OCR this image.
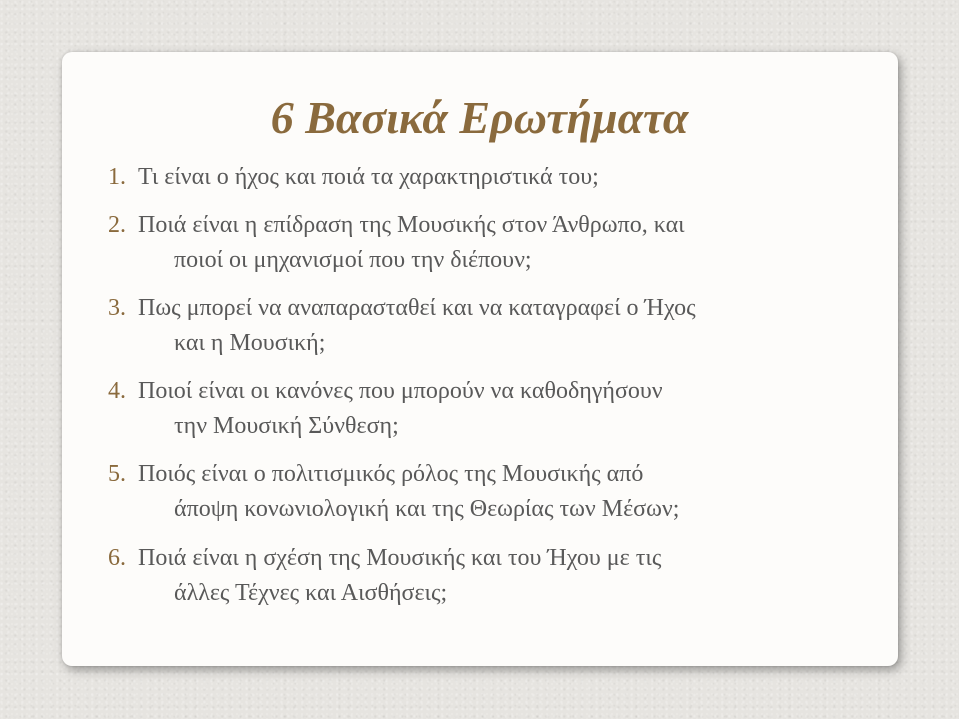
6 Βασικά Ερωτήματα
1. Τι είναι ο ήχος και ποιά τα χαρακτηριστικά του;
2. Ποιά είναι η επίδραση της Μουσικής στον Άνθρωπο, και
ποιοί οι μηχανισμοί που την διέπουν;
3. Πως μπορεί να αναπαρασταθεί και να καταγραφεί ο Ήχος
και η Μουσική;
4. Ποιοί είναι οι κανόνες που μπορούν να καθοδηγήσουν
την Μουσική Σύνθεση;
5. Ποιός είναι ο πολιτισμικός ρόλος της Μουσικής από
άποψη κονωνιολογική και της Θεωρίας των Μέσων;
6. Ποιά είναι η σχέση της Μουσικής και του Ήχου με τις
άλλες Τέχνες και Αισθήσεις;
